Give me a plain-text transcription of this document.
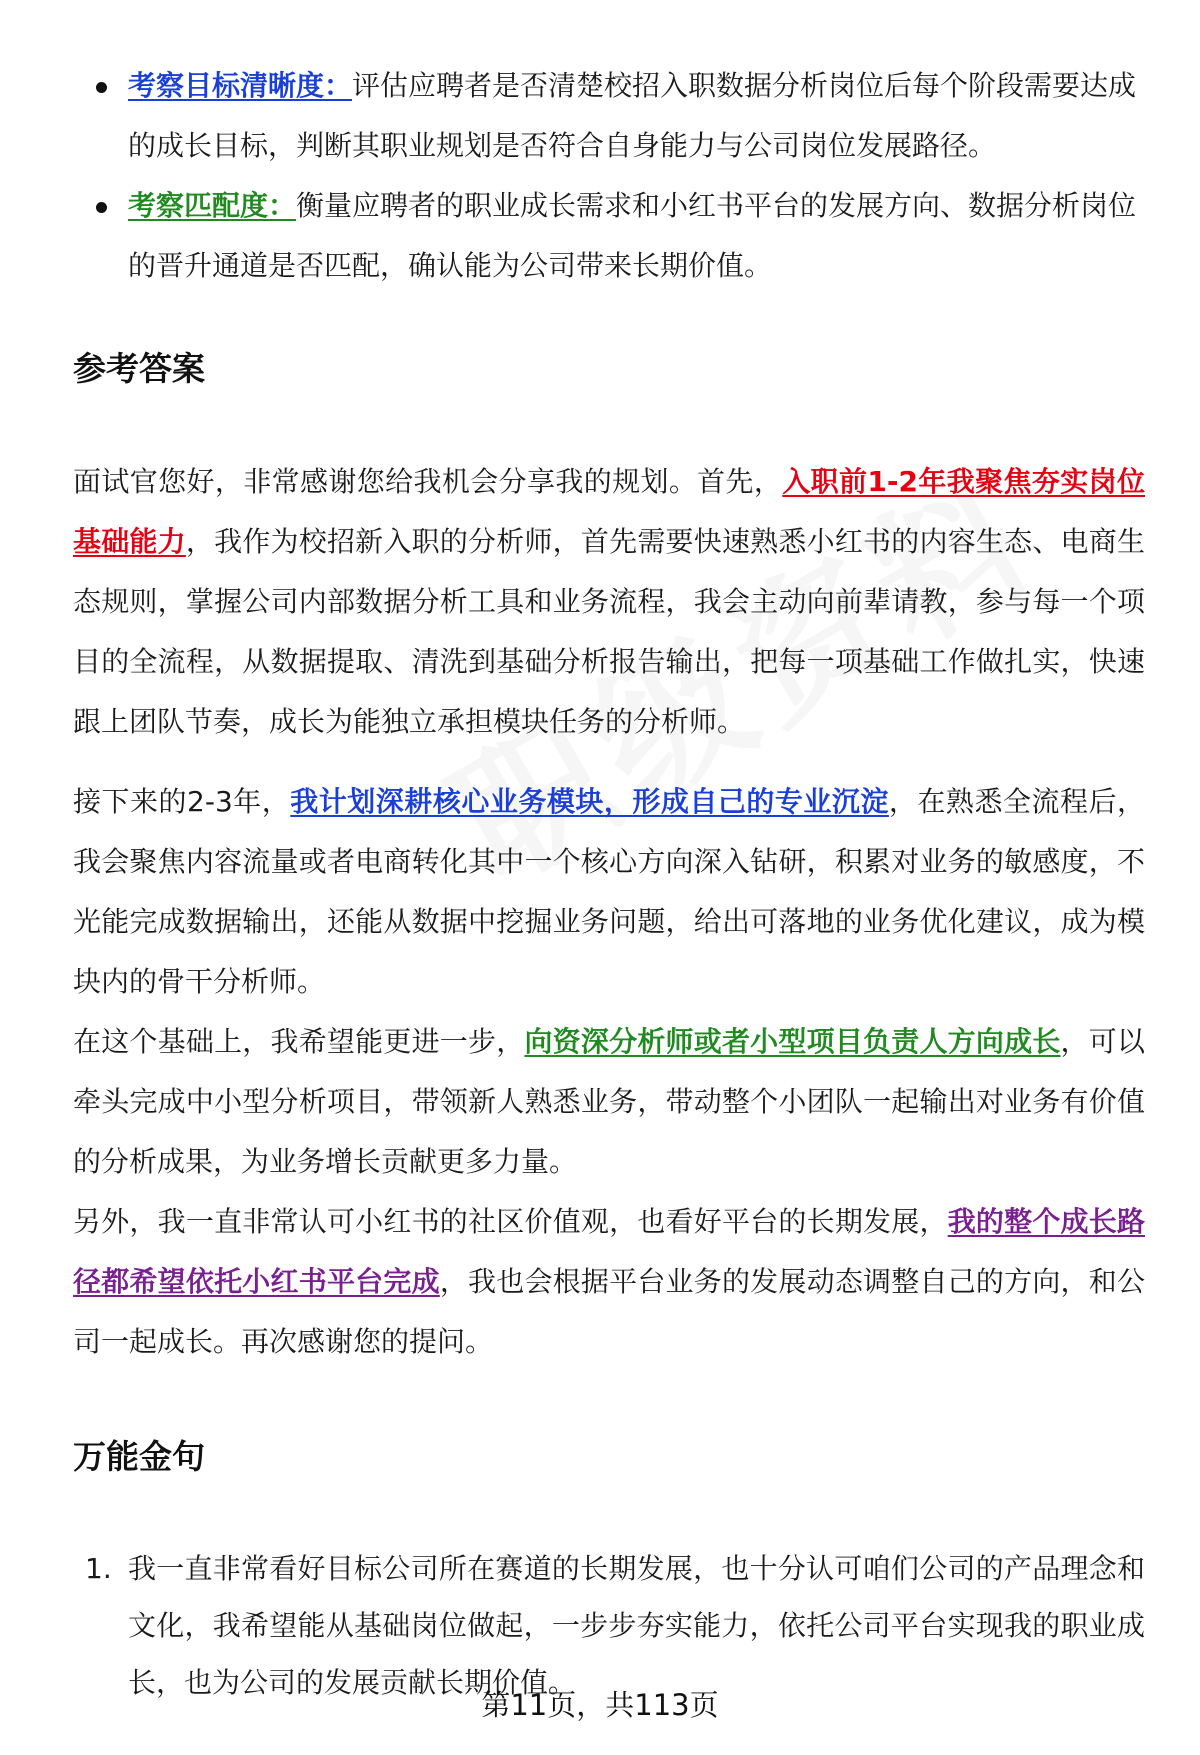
考察目标清晰度：评估应聘者是否清楚校招入职数据分析岗位后每个阶段需要达成的成长目标，判断其职业规划是否符合自身能力与公司岗位发展路径。
考察匹配度：衡量应聘者的职业成长需求和小红书平台的发展方向、数据分析岗位的晋升通道是否匹配，确认能为公司带来长期价值。
参考答案

面试官您好，非常感谢您给我机会分享我的规划。首先，入职前1-2年我聚焦夯实岗位基础能力，我作为校招新入职的分析师，首先需要快速熟悉小红书的内容生态、电商生态规则，掌握公司内部数据分析工具和业务流程，我会主动向前辈请教，参与每一个项目的全流程，从数据提取、清洗到基础分析报告输出，把每一项基础工作做扎实，快速跟上团队节奏，成长为能独立承担模块任务的分析师。

接下来的2-3年，我计划深耕核心业务模块，形成自己的专业沉淀，在熟悉全流程后，我会聚焦内容流量或者电商转化其中一个核心方向深入钻研，积累对业务的敏感度，不光能完成数据输出，还能从数据中挖掘业务问题，给出可落地的业务优化建议，成为模块内的骨干分析师。

在这个基础上，我希望能更进一步，向资深分析师或者小型项目负责人方向成长，可以牵头完成中小型分析项目，带领新人熟悉业务，带动整个小团队一起输出对业务有价值的分析成果，为业务增长贡献更多力量。

另外，我一直非常认可小红书的社区价值观，也看好平台的长期发展，我的整个成长路径都希望依托小红书平台完成，我也会根据平台业务的发展动态调整自己的方向，和公司一起成长。再次感谢您的提问。

万能金句
1. 我一直非常看好目标公司所在赛道的长期发展，也十分认可咱们公司的产品理念和文化，我希望能从基础岗位做起，一步步夯实能力，依托公司平台实现我的职业成长，也为公司的发展贡献长期价值。
第11页，共113页
